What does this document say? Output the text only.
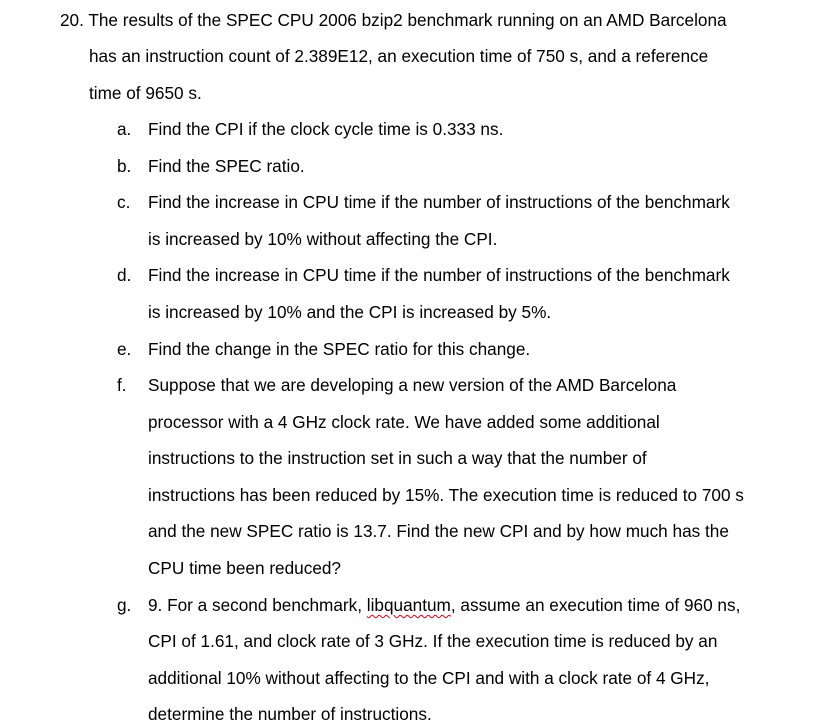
20. The results of the SPEC CPU 2006 bzip2 benchmark running on an AMD Barcelona
has an instruction count of 2.389E12, an execution time of 750 s, and a reference
time of 9650 s.
a. Find the CPI if the clock cycle time is 0.333 ns.
b. Find the SPEC ratio.
c. Find the increase in CPU time if the number of instructions of the benchmark
is increased by 10% without affecting the CPI.
d. Find the increase in CPU time if the number of instructions of the benchmark
is increased by 10% and the CPI is increased by 5%.
e. Find the change in the SPEC ratio for this change.
f. Suppose that we are developing a new version of the AMD Barcelona
processor with a 4 GHz clock rate. We have added some additional
instructions to the instruction set in such a way that the number of
instructions has been reduced by 15%. The execution time is reduced to 700 s
and the new SPEC ratio is 13.7. Find the new CPI and by how much has the
CPU time been reduced?
g. 9. For a second benchmark, libquantum, assume an execution time of 960 ns,
CPI of 1.61, and clock rate of 3 GHz. If the execution time is reduced by an
additional 10% without affecting to the CPI and with a clock rate of 4 GHz,
determine the number of instructions.
